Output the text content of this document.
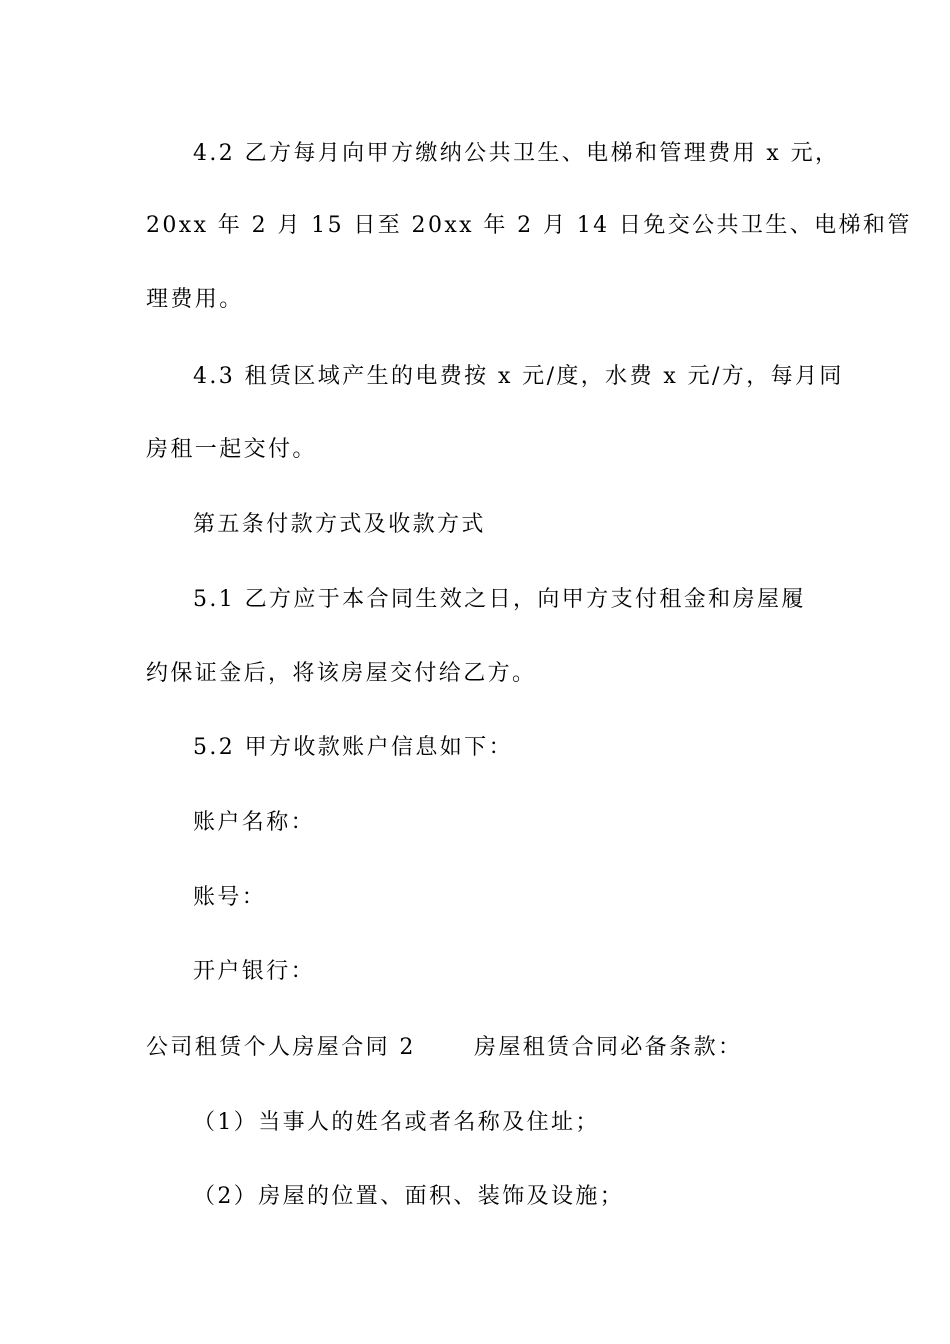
4.2 乙方每月向甲方缴纳公共卫生、电梯和管理费用 x 元，
20xx 年 2 月 15 日至 20xx 年 2 月 14 日免交公共卫生、电梯和管
理费用。
4.3 租赁区域产生的电费按 x 元/度，水费 x 元/方，每月同
房租一起交付。
第五条付款方式及收款方式
5.1 乙方应于本合同生效之日，向甲方支付租金和房屋履
约保证金后，将该房屋交付给乙方。
5.2 甲方收款账户信息如下：
账户名称：
账号：
开户银行：
公司租赁个人房屋合同 2　　 房屋租赁合同必备条款：
（1）当事人的姓名或者名称及住址；
（2）房屋的位置、面积、装饰及设施；
